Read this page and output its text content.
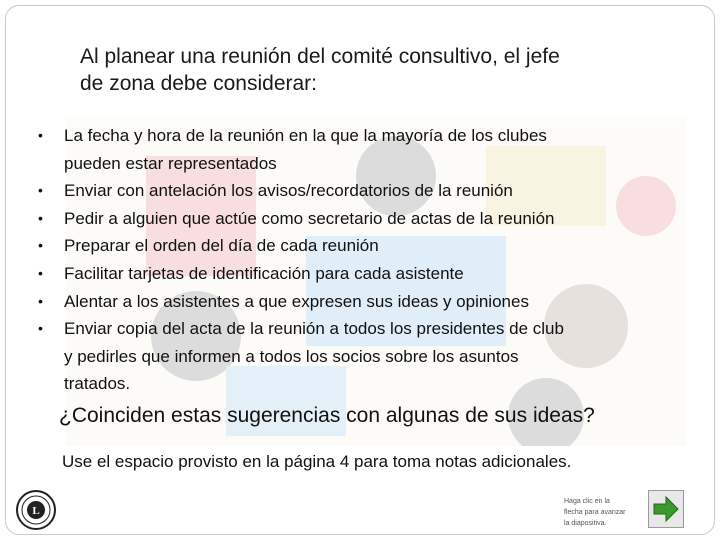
Al planear una reunión del comité consultivo, el jefe
de zona debe considerar:
• La fecha y hora de la reunión en la que la mayoría de los clubes
pueden estar representados
• Enviar con antelación los avisos/recordatorios de la reunión
• Pedir a alguien que actúe como secretario de actas de la reunión
• Preparar el orden del día de cada reunión
• Facilitar tarjetas de identificación para cada asistente
• Alentar a los asistentes a que expresen sus ideas y opiniones
• Enviar copia del acta de la reunión a todos los presidentes de club
y pedirles que informen a todos los socios sobre los asuntos
tratados.
¿Coinciden estas sugerencias con algunas de sus ideas?
Use el espacio provisto en la página 4 para toma notas adicionales.
L
Haga clic en la
flecha para avanzar
la diapositiva.
